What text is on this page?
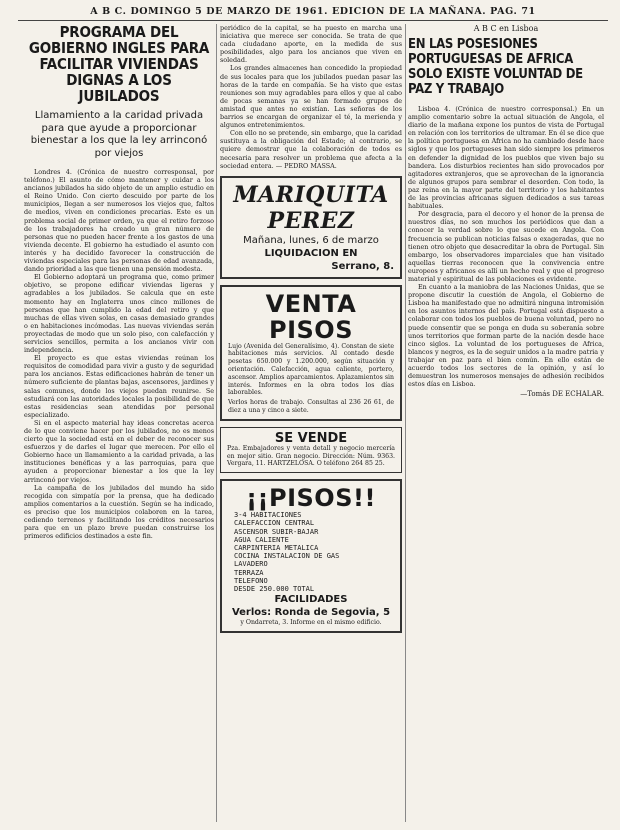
A B C. DOMINGO 5 DE MARZO DE 1961. EDICION DE LA MAÑANA. PAG. 71
PROGRAMA DEL GOBIERNO INGLES PARA FACILITAR VIVIENDAS DIGNAS A LOS JUBILADOS
Llamamiento a la caridad privada para que ayude a proporcionar bienestar a los que la ley arrinconó por viejos

Londres 4. (Crónica de nuestro corresponsal, por teléfono.) El asunto de cómo mantener y cuidar a los ancianos jubilados ha sido objeto de un amplio estudio en el Reino Unido. Con cierto descuido por parte de los municipios, llegan a ser numerosos los viejos que, faltos de medios, viven en condiciones precarias. Este es un problema social de primer orden, ya que el retiro forzoso de los trabajadores ha creado un gran número de personas que no pueden hacer frente a los gastos de una vivienda decente. El gobierno ha estudiado el asunto con interés y ha decidido favorecer la construcción de viviendas especiales para las personas de edad avanzada, dando prioridad a las que tienen una pensión modesta.

El Gobierno adoptará un programa que, como primer objetivo, se propone edificar viviendas ligeras y agradables a los jubilados. Se calcula que en este momento hay en Inglaterra unos cinco millones de personas que han cumplido la edad del retiro y que muchas de ellas viven solas, en casas demasiado grandes o en habitaciones incómodas. Las nuevas viviendas serán proyectadas de modo que un solo piso, con calefacción y servicios sencillos, permita a los ancianos vivir con independencia.

El proyecto es que estas viviendas reúnan los requisitos de comodidad para vivir a gusto y de seguridad para los ancianos. Estas edificaciones habrán de tener un número suficiente de plantas bajas, ascensores, jardines y salas comunes, donde los viejos puedan reunirse. Se estudiará con las autoridades locales la posibilidad de que estas residencias sean atendidas por personal especializado.

Si en el aspecto material hay ideas concretas acerca de lo que conviene hacer por los jubilados, no es menos cierto que la sociedad está en el deber de reconocer sus esfuerzos y de darles el lugar que merecen. Por ello el Gobierno hace un llamamiento a la caridad privada, a las instituciones benéficas y a las parroquias, para que ayuden a proporcionar bienestar a los que la ley arrinconó por viejos.

La campaña de los jubilados del mundo ha sido recogida con simpatía por la prensa, que ha dedicado amplios comentarios a la cuestión. Según se ha indicado, es preciso que los municipios colaboren en la tarea, cediendo terrenos y facilitando los créditos necesarios para que en un plazo breve puedan construirse los primeros edificios destinados a este fin.

periódico de la capital, se ha puesto en marcha una iniciativa que merece ser conocida. Se trata de que cada ciudadano aporte, en la medida de sus posibilidades, algo para los ancianos que viven en soledad.

Los grandes almacenes han concedido la propiedad de sus locales para que los jubilados puedan pasar las horas de la tarde en compañía. Se ha visto que estas reuniones son muy agradables para ellos y que al cabo de pocas semanas ya se han formado grupos de amistad que antes no existían. Las señoras de los barrios se encargan de organizar el té, la merienda y algunos entretenimientos.

Con ello no se pretende, sin embargo, que la caridad sustituya a la obligación del Estado; al contrario, se quiere demostrar que la colaboración de todos es necesaria para resolver un problema que afecta a la sociedad entera. — PEDRO MASSA.

MARIQUITA PEREZ
Mañana, lunes, 6 de marzo
LIQUIDACION EN
Serrano, 8.
VENTA PISOS
Lujo (Avenida del Generalísimo, 4). Constan de siete habitaciones más servicios. Al contado desde pesetas 650.000 y 1.200.000, según situación y orientación. Calefacción, agua caliente, portero, ascensor. Amplios aparcamientos. Aplazamientos sin interés. Informes en la obra todos los días laborables.
Verlos horas de trabajo. Consultas al 236 26 61, de diez a una y cinco a siete.
SE VENDE
Pza. Embajadores y venta detall y negocio mercería en mejor sitio. Gran negocio. Dirección: Núm. 9363. Vergara, 11. HARTZELOSA. O teléfono 264 85 25.
¡¡PISOS!!
3-4 HABITACIONES
CALEFACCION CENTRAL
ASCENSOR SUBIR-BAJAR
AGUA CALIENTE
CARPINTERIA METALICA
COCINA INSTALACION DE GAS
LAVADERO
TERRAZA
TELEFONO
DESDE 250.000 TOTAL
FACILIDADES
Verlos: Ronda de Segovia, 5
y Ondarreta, 3. Informe en el mismo edificio.
A B C en Lisboa
EN LAS POSESIONES PORTUGUESAS DE AFRICA SOLO EXISTE VOLUNTAD DE PAZ Y TRABAJO

Lisboa 4. (Crónica de nuestro corresponsal.) En un amplio comentario sobre la actual situación de Angola, el diario de la mañana expone los puntos de vista de Portugal en relación con los territorios de ultramar. En él se dice que la política portuguesa en Africa no ha cambiado desde hace siglos y que los portugueses han sido siempre los primeros en defender la dignidad de los pueblos que viven bajo su bandera. Los disturbios recientes han sido provocados por agitadores extranjeros, que se aprovechan de la ignorancia de algunos grupos para sembrar el desorden. Con todo, la paz reina en la mayor parte del territorio y los habitantes de las provincias africanas siguen dedicados a sus tareas habituales.

Por desgracia, para el decoro y el honor de la prensa de nuestros días, no son muchos los periódicos que dan a conocer la verdad sobre lo que sucede en Angola. Con frecuencia se publican noticias falsas o exageradas, que no tienen otro objeto que desacreditar la obra de Portugal. Sin embargo, los observadores imparciales que han visitado aquellas tierras reconocen que la convivencia entre europeos y africanos es allí un hecho real y que el progreso material y espiritual de las poblaciones es evidente.

En cuanto a la maniobra de las Naciones Unidas, que se propone discutir la cuestión de Angola, el Gobierno de Lisboa ha manifestado que no admitirá ninguna intromisión en los asuntos internos del país. Portugal está dispuesto a colaborar con todos los pueblos de buena voluntad, pero no puede consentir que se ponga en duda su soberanía sobre unos territorios que forman parte de la nación desde hace cinco siglos. La voluntad de los portugueses de Africa, blancos y negros, es la de seguir unidos a la madre patria y trabajar en paz para el bien común. En ello están de acuerdo todos los sectores de la opinión, y así lo demuestran los numerosos mensajes de adhesión recibidos estos días en Lisboa.

—Tomás DE ECHALAR.
